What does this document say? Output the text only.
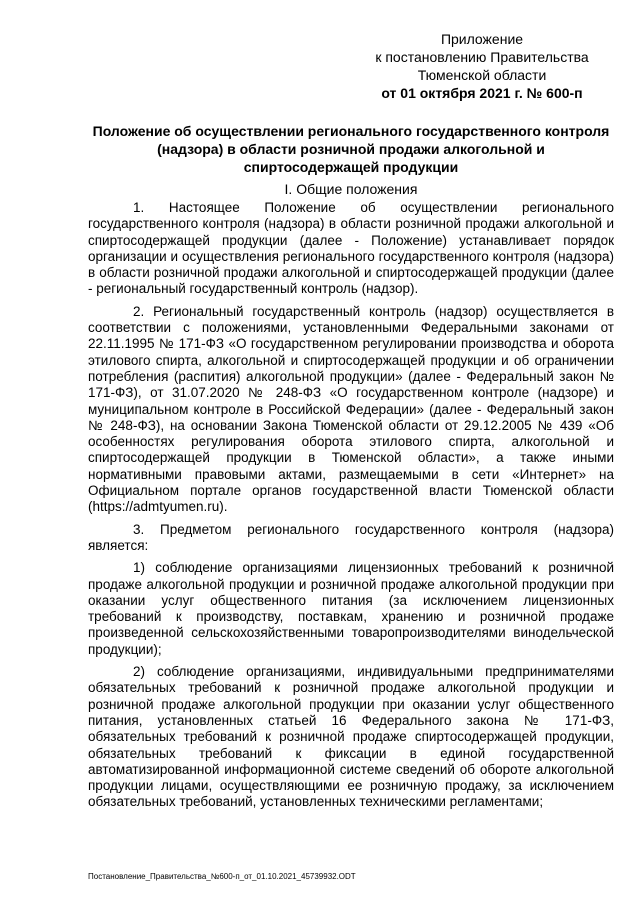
Приложение
к постановлению Правительства
Тюменской области
от 01 октября 2021 г. № 600-п
Положение об осуществлении регионального государственного контроля (надзора) в области розничной продажи алкогольной и спиртосодержащей продукции
I. Общие положения

1. Настоящее Положение об осуществлении регионального государственного контроля (надзора) в области розничной продажи алкогольной и спиртосодержащей продукции (далее - Положение) устанавливает порядок организации и осуществления регионального государственного контроля (надзора) в области розничной продажи алкогольной и спиртосодержащей продукции (далее - региональный государственный контроль (надзор).

2. Региональный государственный контроль (надзор) осуществляется в соответствии с положениями, установленными Федеральными законами от 22.11.1995 № 171-ФЗ «О государственном регулировании производства и оборота этилового спирта, алкогольной и спиртосодержащей продукции и об ограничении потребления (распития) алкогольной продукции» (далее - Федеральный закон № 171-ФЗ), от 31.07.2020 № 248-ФЗ «О государственном контроле (надзоре) и муниципальном контроле в Российской Федерации» (далее - Федеральный закон № 248-ФЗ), на основании Закона Тюменской области от 29.12.2005 № 439 «Об особенностях регулирования оборота этилового спирта, алкогольной и спиртосодержащей продукции в Тюменской области», а также иными нормативными правовыми актами, размещаемыми в сети «Интернет» на Официальном портале органов государственной власти Тюменской области (https://admtyumen.ru).

3. Предметом регионального государственного контроля (надзора) является:

1) соблюдение организациями лицензионных требований к розничной продаже алкогольной продукции и розничной продаже алкогольной продукции при оказании услуг общественного питания (за исключением лицензионных требований к производству, поставкам, хранению и розничной продаже произведенной сельскохозяйственными товаропроизводителями винодельческой продукции);

2) соблюдение организациями, индивидуальными предпринимателями обязательных требований к розничной продаже алкогольной продукции и розничной продаже алкогольной продукции при оказании услуг общественного питания, установленных статьей 16 Федерального закона № 171-ФЗ, обязательных требований к розничной продаже спиртосодержащей продукции, обязательных требований к фиксации в единой государственной автоматизированной информационной системе сведений об обороте алкогольной продукции лицами, осуществляющими ее розничную продажу, за исключением обязательных требований, установленных техническими регламентами;

Постановление_Правительства_№600-п_от_01.10.2021_45739932.ODT
